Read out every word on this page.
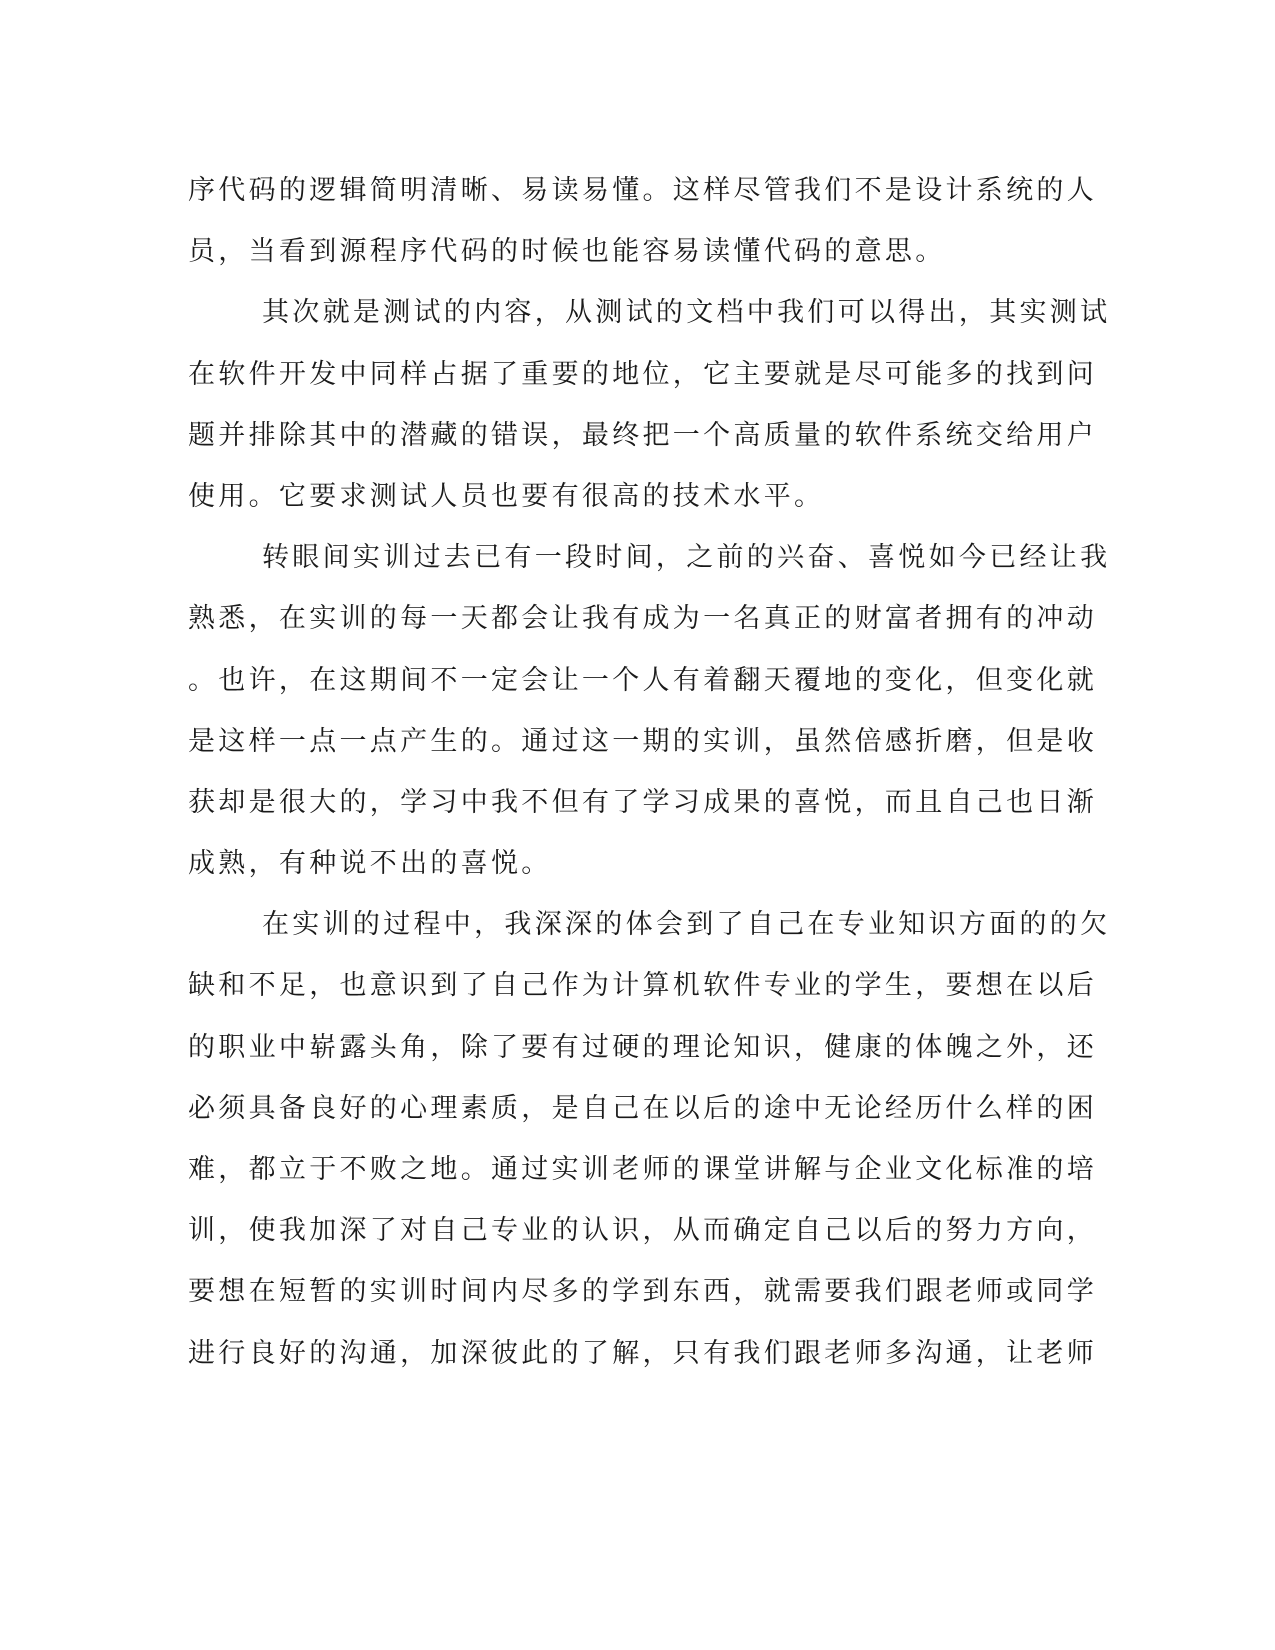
序代码的逻辑简明清晰、易读易懂。这样尽管我们不是设计系统的人
员，当看到源程序代码的时候也能容易读懂代码的意思。
其次就是测试的内容，从测试的文档中我们可以得出，其实测试
在软件开发中同样占据了重要的地位，它主要就是尽可能多的找到问
题并排除其中的潜藏的错误，最终把一个高质量的软件系统交给用户
使用。它要求测试人员也要有很高的技术水平。
转眼间实训过去已有一段时间，之前的兴奋、喜悦如今已经让我
熟悉，在实训的每一天都会让我有成为一名真正的财富者拥有的冲动
。也许，在这期间不一定会让一个人有着翻天覆地的变化，但变化就
是这样一点一点产生的。通过这一期的实训，虽然倍感折磨，但是收
获却是很大的，学习中我不但有了学习成果的喜悦，而且自己也日渐
成熟，有种说不出的喜悦。
在实训的过程中，我深深的体会到了自己在专业知识方面的的欠
缺和不足，也意识到了自己作为计算机软件专业的学生，要想在以后
的职业中崭露头角，除了要有过硬的理论知识，健康的体魄之外，还
必须具备良好的心理素质，是自己在以后的途中无论经历什么样的困
难，都立于不败之地。通过实训老师的课堂讲解与企业文化标准的培
训，使我加深了对自己专业的认识，从而确定自己以后的努力方向，
要想在短暂的实训时间内尽多的学到东西，就需要我们跟老师或同学
进行良好的沟通，加深彼此的了解，只有我们跟老师多沟通，让老师
